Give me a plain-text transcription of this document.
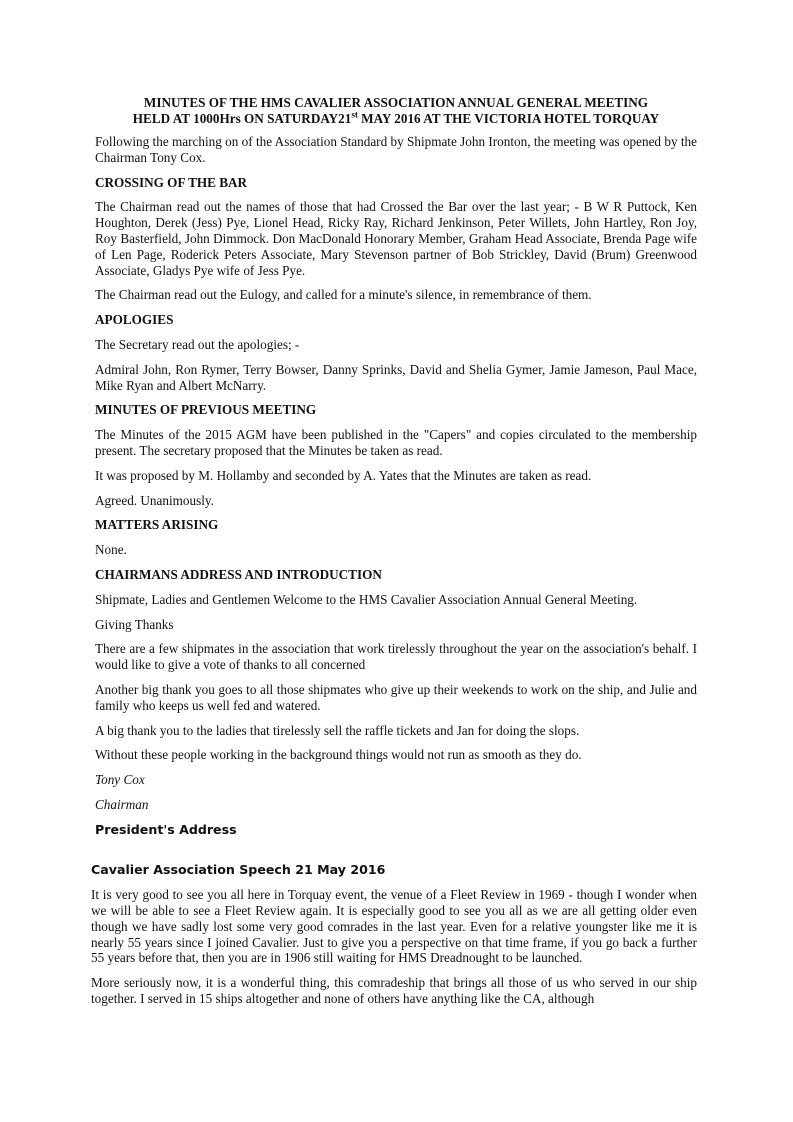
MINUTES OF THE HMS CAVALIER ASSOCIATION ANNUAL GENERAL MEETING
HELD AT 1000Hrs ON SATURDAY21st MAY 2016 AT THE VICTORIA HOTEL TORQUAY

Following the marching on of the Association Standard by Shipmate John Ironton, the meeting was opened by the Chairman Tony Cox.

CROSSING OF THE BAR

The Chairman read out the names of those that had Crossed the Bar over the last year; - B W R Puttock, Ken Houghton, Derek (Jess) Pye, Lionel Head, Ricky Ray, Richard Jenkinson, Peter Willets, John Hartley, Ron Joy, Roy Basterfield, John Dimmock. Don MacDonald Honorary Member, Graham Head Associate, Brenda Page wife of Len Page, Roderick Peters Associate, Mary Stevenson partner of Bob Strickley, David (Brum) Greenwood Associate, Gladys Pye wife of Jess Pye.

The Chairman read out the Eulogy, and called for a minute's silence, in remembrance of them.

APOLOGIES

The Secretary read out the apologies; -

Admiral John, Ron Rymer, Terry Bowser, Danny Sprinks, David and Shelia Gymer, Jamie Jameson, Paul Mace, Mike Ryan and Albert McNarry.

MINUTES OF PREVIOUS MEETING

The Minutes of the 2015 AGM have been published in the "Capers" and copies circulated to the membership present. The secretary proposed that the Minutes be taken as read.

It was proposed by M. Hollamby and seconded by A. Yates that the Minutes are taken as read.

Agreed. Unanimously.

MATTERS ARISING

None.

CHAIRMANS ADDRESS AND INTRODUCTION

Shipmate, Ladies and Gentlemen Welcome to the HMS Cavalier Association Annual General Meeting.

Giving Thanks

There are a few shipmates in the association that work tirelessly throughout the year on the association's behalf. I would like to give a vote of thanks to all concerned

Another big thank you goes to all those shipmates who give up their weekends to work on the ship, and Julie and family who keeps us well fed and watered.

A big thank you to the ladies that tirelessly sell the raffle tickets and Jan for doing the slops.

Without these people working in the background things would not run as smooth as they do.

Tony Cox

Chairman

President's Address

Cavalier Association Speech 21 May 2016

It is very good to see you all here in Torquay event, the venue of a Fleet Review in 1969 - though I wonder when we will be able to see a Fleet Review again. It is especially good to see you all as we are all getting older even though we have sadly lost some very good comrades in the last year. Even for a relative youngster like me it is nearly 55 years since I joined Cavalier. Just to give you a perspective on that time frame, if you go back a further 55 years before that, then you are in 1906 still waiting for HMS Dreadnought to be launched.

More seriously now, it is a wonderful thing, this comradeship that brings all those of us who served in our ship together. I served in 15 ships altogether and none of others have anything like the CA, although
